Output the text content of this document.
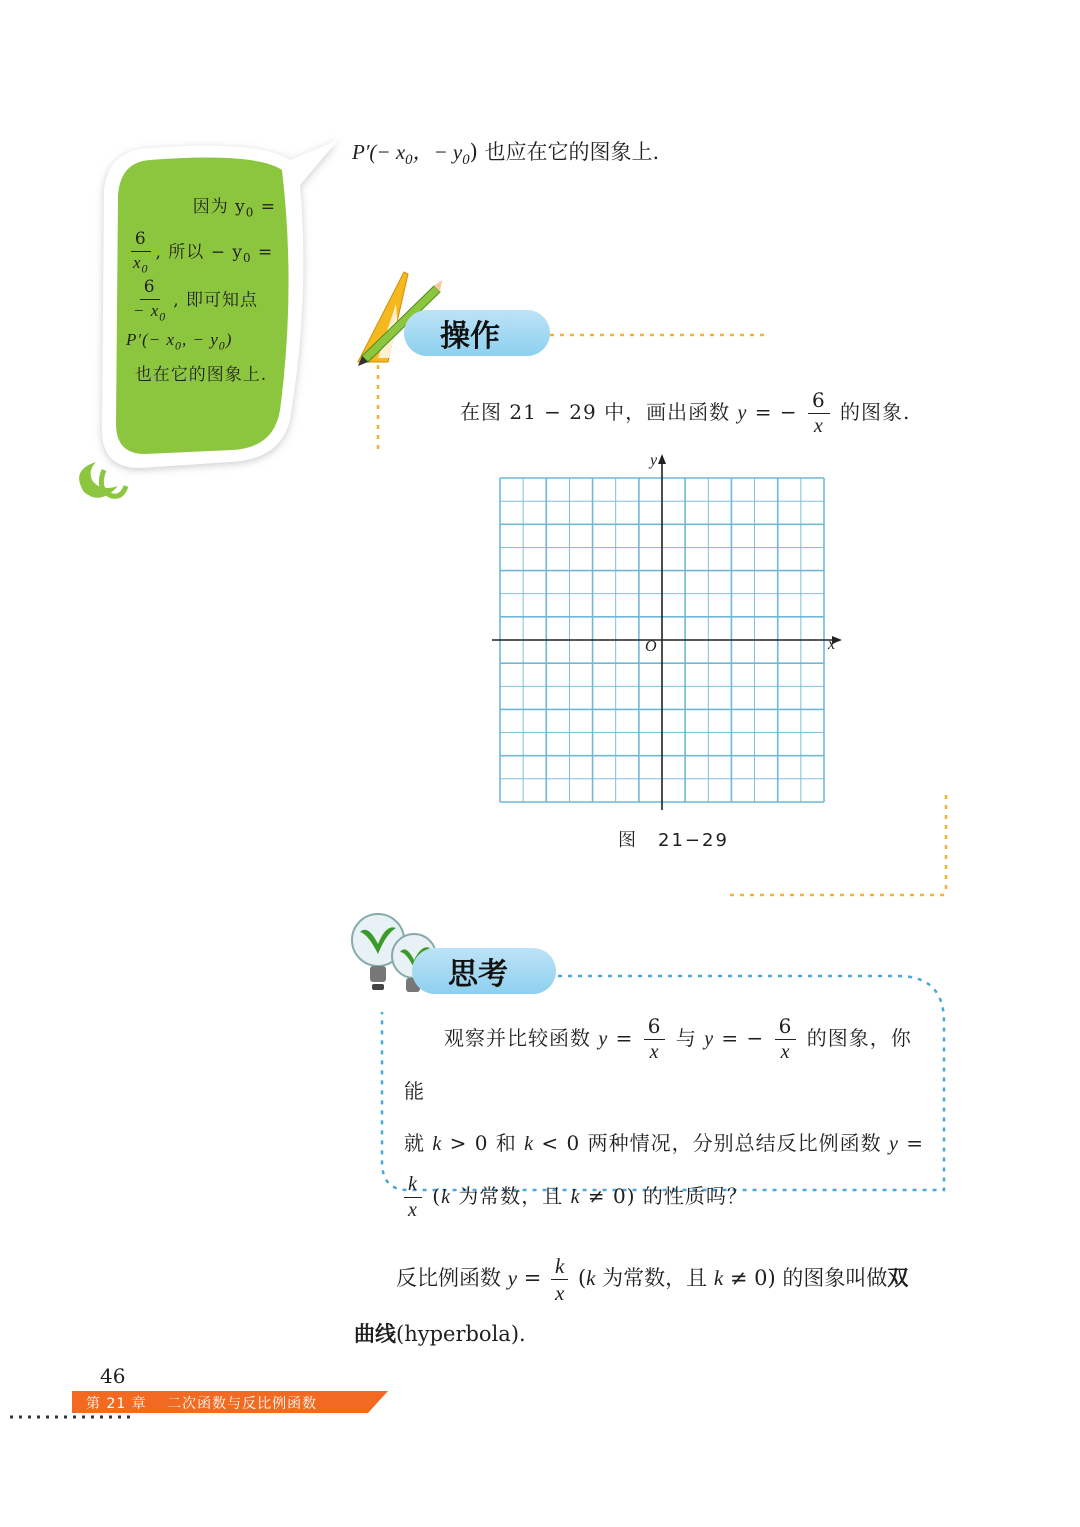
因为 $y_0$ =
$\frac{6}{x_0}$ , 所以 − $y_0$ =
$\frac{6}{- x_0}$ , 即可知点
$P'(- x_0$, − $y_0$)
也在它的图象上.
$P'(- x_0$，− $y_0$) 也应在它的图象上.
操作
在图 21 − 29 中，画出函数 y = − $\frac{6}{x}$ 的图象.
y
x
O
图　21−29
思考
观察并比较函数 $y = \frac{6}{x}$ 与 y = − $\frac{6}{x}$ 的图象，你能
就 k > 0 和 k < 0 两种情况，分别总结反比例函数 y =
$\frac{k}{x} (k$ 为常数，且 k ≠ 0) 的性质吗？
反比例函数 $y = \frac{k}{x} (k$ 为常数，且 k ≠ 0) 的图象叫做双
曲线(hyperbola).
46
第 21 章　 二次函数与反比例函数
